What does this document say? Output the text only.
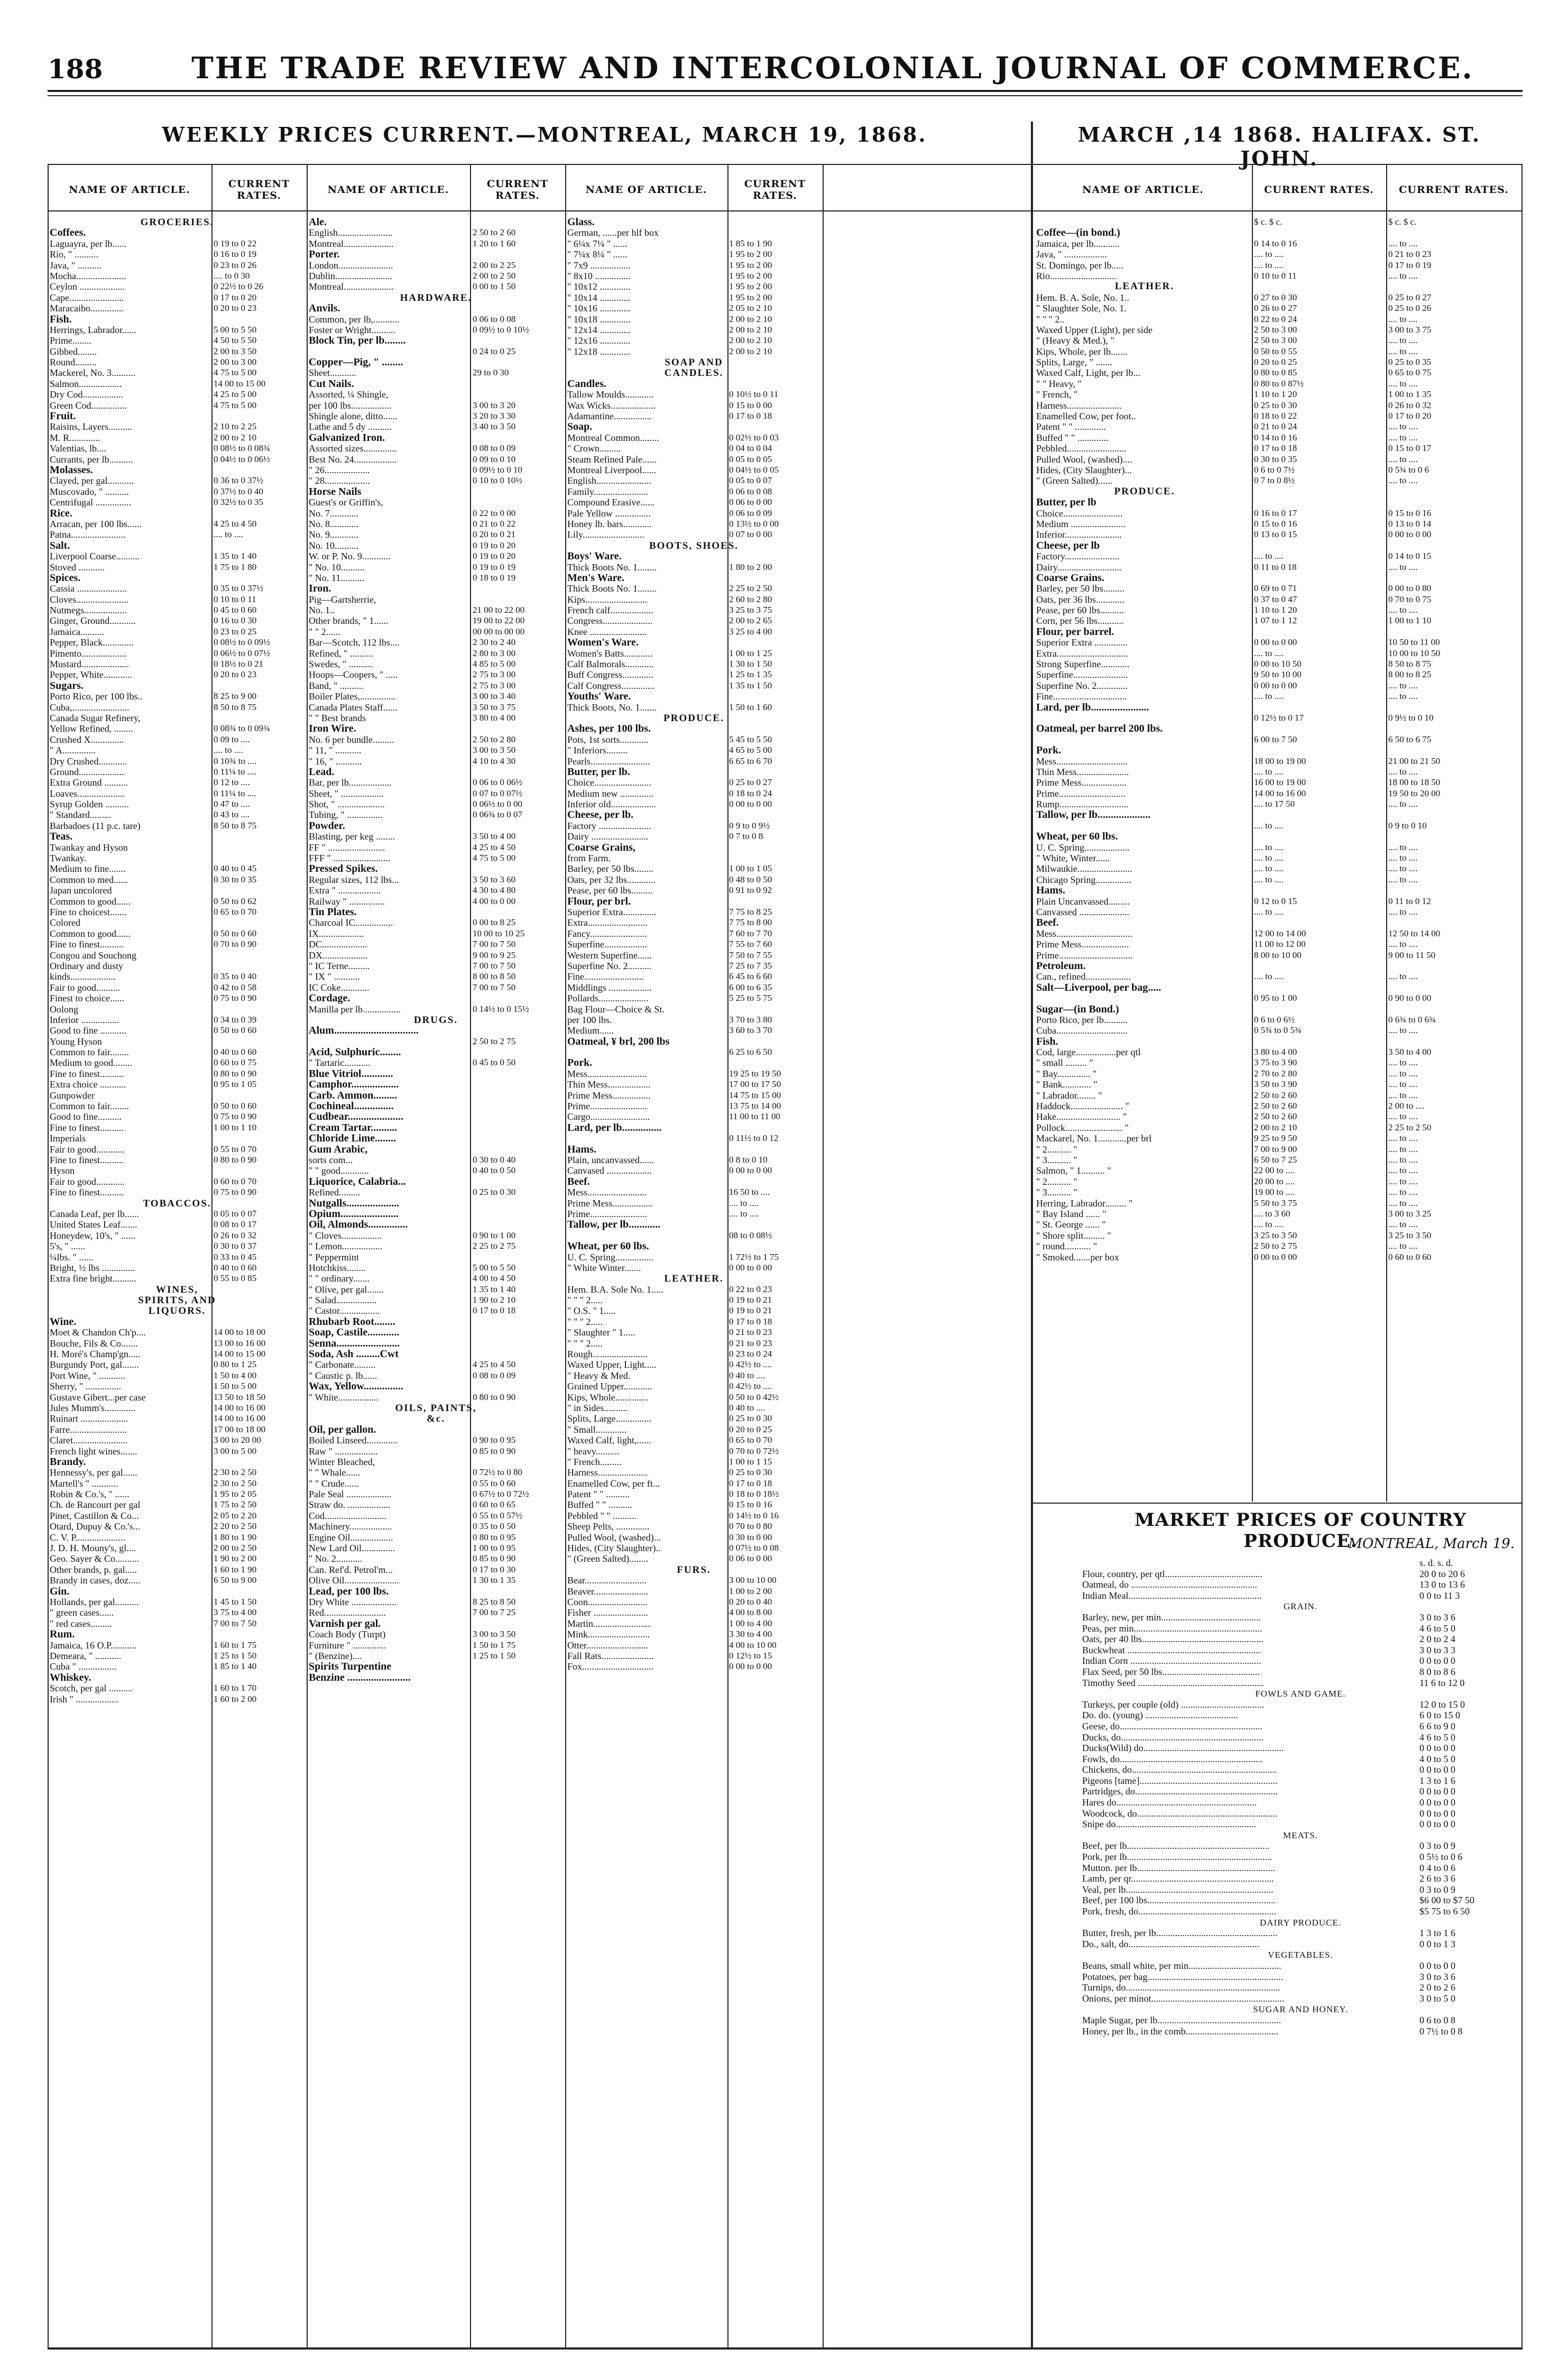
188	THE TRADE REVIEW AND INTERCOLONIAL JOURNAL OF COMMERCE.
WEEKLY PRICES CURRENT.—MONTREAL, MARCH 19, 1868.	MARCH ,14 1868. HALIFAX. ST. JOHN.
NAME OF ARTICLE.	CURRENT RATES.	NAME OF ARTICLE.	CURRENT RATES.	NAME OF ARTICLE.	CURRENT RATES.	NAME OF ARTICLE.	CURRENT RATES.	CURRENT RATES.
GROCERIES.
Coffees.
Laguayra, per lb......	0 19 to 0 22
Rio, " ..........	0 16 to 0 19
Java, " ..........	0 23 to 0 26
Mocha.....................	.... to 0 30
Ceylon ...................	0 22½ to 0 26
Cape.......................	0 17 to 0 20
Maracaibo..............	0 20 to 0 23
Fish.
Herrings, Labrador......	5 00 to 5 50
Prime........	4 50 to 5 50
Gibbed........	2 00 to 3 50
Round.........	2 00 to 3 00
Mackerel, No. 3..........	4 75 to 5 00
Salmon..................	14 00 to 15 00
Dry Cod.................	4 25 to 5 00
Green Cod...............	4 75 to 5 00
Fruit.
Raisins, Layers..........	2 10 to 2 25
M. R.............	2 00 to 2 10
Valentias, lb....	0 08½ to 0 08¾
Currants, per lb..........	0 04½ to 0 06½
Molasses.
Clayed, per gal...........	0 36 to 0 37½
Muscovado, " ..........	0 37½ to 0 40
Centrifugal ...............	0 32½ to 0 35
Rice.
Arracan, per 100 lbs......	4 25 to 4 50
Patna.......................	.... to ....
Salt.
Liverpool Coarse..........	1 35 to 1 40
Stoved ...........	1 75 to 1 80
Spices.
Cassia .....................	0 35 to 0 37½
Cloves......................	0 10 to 0 11
Nutmegs..................	0 45 to 0 60
Ginger, Ground...........	0 16 to 0 30
Jamaica..........	0 23 to 0 25
Pepper, Black.............	0 08½ to 0 09½
Pimento...................	0 06½ to 0 07½
Mustard....................	0 18½ to 0 21
Pepper, White............	0 20 to 0 23
Sugars.
Porto Rico, per 100 lbs..	8 25 to 9 00
Cuba,........................	8 50 to 8 75
Canada Sugar Refinery,
Yellow Refined, ........	0 08¾ to 0 09¾
Crushed X..............	0 09 to ....
" A..............	.... to ....
Dry Crushed............	0 10¾ to ....
Ground...................	0 11¼ to ....
Extra Ground ..........	0 12 to ....
Loaves....................	0 11¼ to ....
Syrup Golden ..........	0 47 to ....
" Standard.........	0 43 to ....
Barbadoes (11 p.c. tare)	8 50 to 8 75
Teas.
Twankay and Hyson
Twankay.
Medium to fine.......	0 40 to 0 45
Common to med......	0 30 to 0 35
Japan uncolored
Common to good......	0 50 to 0 62
Fine to choicest.......	0 65 to 0 70
Colored
Common to good......	0 50 to 0 60
Fine to finest..........	0 70 to 0 90
Congou and Souchong
Ordinary and dusty
kinds...................	0 35 to 0 40
Fair to good..........	0 42 to 0 58
Finest to choice......	0 75 to 0 90
Oolong
Inferior ................	0 34 to 0 39
Good to fine ...........	0 50 to 0 60
Young Hyson
Common to fair........	0 40 to 0 60
Medium to good........	0 60 to 0 75
Fine to finest..........	0 80 to 0 90
Extra choice ...........	0 95 to 1 05
Gunpowder
Common to fair........	0 50 to 0 60
Good to fine..........	0 75 to 0 90
Fine to finest..........	1 00 to 1 10
Imperials
Fair to good............	0 55 to 0 70
Fine to finest..........	0 80 to 0 90
Hyson
Fair to good............	0 60 to 0 70
Fine to finest..........	0 75 to 0 90
TOBACCOS.
Canada Leaf, per lb......	0 05 to 0 07
United States Leaf.......	0 08 to 0 17
Honeydew, 10's, " ......	0 26 to 0 32
5's, " ......	0 30 to 0 37
¼lbs. " ......	0 33 to 0 45
Bright, ½ lbs ..............	0 40 to 0 60
Extra fine bright..........	0 55 to 0 85
WINES,
SPIRITS, AND
LIQUORS.
Wine.
Moet & Chandon Ch'p....	14 00 to 18 00
Bouche, Fils & Co.......	13 00 to 16 00
H. Moré's Champ'gn.....	14 00 to 15 00
Burgundy Port, gal.......	0 80 to 1 25
Port Wine, " ...........	1 50 to 4 00
Sherry, " ...............	1 50 to 5 00
Gustave Gibert...per case	13 50 to 18 50
Jules Mumm's.............	14 00 to 16 00
Ruinart ....................	14 00 to 16 00
Farre........................	17 00 to 18 00
Claret.......................	3 00 to 20 00
French light wines.......	3 00 to 5 00
Brandy.
Hennessy's, per gal......	2 30 to 2 50
Martell's " ...........	2 30 to 2 50
Robin & Co.'s, " ......	1 95 to 2 05
Ch. de Rancourt per gal	1 75 to 2 50
Pinet, Castillon & Co...	2 05 to 2 20
Otard, Dupuy & Co.'s...	2 20 to 2 50
C. V. P.....................	1 80 to 1 90
J. D. H. Mouny's, gl....	2 00 to 2 50
Geo. Sayer & Co..........	1 90 to 2 00
Other brands, p. gal.....	1 60 to 1 90
Brandy in cases, doz.....	6 50 to 9 00
Gin.
Hollands, per gal..........	1 45 to 1 50
" green cases......	3 75 to 4 00
" red cases.........	7 00 to 7 50
Rum.
Jamaica, 16 O.P...........	1 60 to 1 75
Demeara, " ...........	1 25 to 1 50
Cuba " ................	1 85 to 1 40
Whiskey.
Scotch, per gal ..........	1 60 to 1 70
Irish " ..................	1 60 to 2 00
Ale.
English.......................	2 50 to 2 60
Montreal.....................	1 20 to 1 60
Porter.
London.......................	2 00 to 2 25
Dublin........................	2 00 to 2 50
Montreal.....................	0 00 to 1 50
HARDWARE.
Anvils.
Common, per lb,...........	0 06 to 0 08
Foster or Wright..........	0 09½ to 0 10½
Block Tin, per lb........
0 24 to 0 25
Copper—Pig, " ........
Sheet...........	29 to 0 30
Cut Nails.
Assorted, ¼ Shingle,
per 100 lbs.................	3 00 to 3 20
Shingle alone, ditto......	3 20 to 3 30
Lathe and 5 dy ..........	3 40 to 3 50
Galvanized Iron.
Assorted sizes..............	0 08 to 0 09
Best No. 24..................	0 09 to 0 10
" 26...................	0 09½ to 0 10
" 28...................	0 10 to 0 10½
Horse Nails
Guest's or Griffin's,
No. 7............	0 22 to 0 00
No. 8............	0 21 to 0 22
No. 9............	0 20 to 0 21
No. 10..........	0 19 to 0 20
W. or P. No. 9............	0 19 to 0 20
" No. 10..........	0 19 to 0 19
" No. 11..........	0 18 to 0 19
Iron.
Pig—Gartsherrie,
No. 1..	21 00 to 22 00
Other brands, " 1......	19 00 to 22 00
" " 2......	00 00 to 00 00
Bar—Scotch, 112 lbs....	2 30 to 2 40
Refined, " ..........	2 80 to 3 00
Swedes, " ..........	4 85 to 5 00
Hoops—Coopers, " .....	2 75 to 3 00
Band, " ..........	2 75 to 3 00
Boiler Plates,...............	3 00 to 3 40
Canada Plates Staff......	3 50 to 3 75
" " Best brands	3 80 to 4 00
Iron Wire.
No. 6 per bundle.........	2 50 to 2 80
" 11, " ...........	3 00 to 3 50
" 16, " ...........	4 10 to 4 30
Lead.
Bar, per lb..................	0 06 to 0 06½
Sheet, " ..................	0 07 to 0 07½
Shot, " ....................	0 06½ to 0 00
Tubing, " ...............	0 06¾ to 0 07
Powder.
Blasting, per keg ........	3 50 to 4 00
FF " ........................	4 25 to 4 50
FFF " ........................	4 75 to 5 00
Pressed Spikes.
Regular sizes, 112 lbs...	3 50 to 3 60
Extra " ..................	4 30 to 4 80
Railway " ...............	4 00 to 0 00
Tin Plates.
Charcoal IC................	0 00 to 8 25
IX...................	10 00 to 10 25
DC...................	7 00 to 7 50
DX...................	9 00 to 9 25
" IC Terne.........	7 00 to 7 50
" IX " ...........	8 00 to 8 50
IC Coke............	7 00 to 7 50
Cordage.
Manilla per lb................	0 14½ to 0 15½
DRUGS.
Alum................................
2 50 to 2 75
Acid, Sulphuric........
" Tartaric...........	0 45 to 0 50
Blue Vitriol............
Camphor..................
Carb. Ammon.........
Cochineal...............
Cudbear.....................
Cream Tartar..........
Chloride Lime........
Gum Arabic,
sorts com...	0 30 to 0 40
" " good............	0 40 to 0 50
Liquorice, Calabria...
Refined.........	0 25 to 0 30
Nutgalls....................
Opium......................
Oil, Almonds...............
" Cloves.................	0 90 to 1 00
" Lemon.................	2 25 to 2 75
" Peppermint
Hotchkiss........	5 00 to 5 50
" " ordinary.......	4 00 to 4 50
" Olive, per gal.......	1 35 to 1 40
" Salad.................	1 90 to 2 10
" Castor.................	0 17 to 0 18
Rhubarb Root........
Soap, Castile............
Senna........................
Soda, Ash .........Cwt
" Carbonate.........	4 25 to 4 50
" Caustic p. lb......	0 08 to 0 09
Wax, Yellow...............
" White.................	0 80 to 0 90
OILS, PAINTS,
&c.
Oil, per gallon.
Boiled Linseed.............	0 90 to 0 95
Raw " ..................	0 85 to 0 90
Winter Bleached,
" " Whale......	0 72½ to 0 80
" " Crude......	0 55 to 0 60
Pale Seal ...................	0 67½ to 0 72½
Straw do. ..................	0 60 to 0 65
Cod..........................	0 55 to 0 57½
Machinery..................	0 35 to 0 50
Engine Oil..................	0 80 to 0 95
New Lard Oil..............	1 00 to 0 95
" No. 2...........	0 85 to 0 90
Can. Ref'd. Petrol'm...	0 17 to 0 30
Olive Oil.......................	1 30 to 1 35
Lead, per 100 lbs.
Dry White ...................	8 25 to 8 50
Red..........................	7 00 to 7 25
Varnish per gal.
Coach Body (Turpt)	3 00 to 3 50
Furniture " ..............	1 50 to 1 75
" (Benzine)....	1 25 to 1 50
Spirits Turpentine
Benzine ........................
Glass.
German, ......per hlf box
" 6¼x 7¼ " ......	1 85 to 1 90
" 7¼x 8¼ " ......	1 95 to 2 00
" 7x9 .................	1 95 to 2 00
" 8x10 ...............	1 95 to 2 00
" 10x12 .............	1 95 to 2 00
" 10x14 .............	1 95 to 2 00
" 10x16 .............	2 05 to 2 10
" 10x18 .............	2 00 to 2 10
" 12x14 .............	2 00 to 2 10
" 12x16 .............	2 00 to 2 10
" 12x18 .............	2 00 to 2 10
SOAP AND
CANDLES.
Candles.
Tallow Moulds............	0 10½ to 0 11
Wax Wicks...................	0 15 to 0 00
Adamantine................	0 17 to 0 18
Soap.
Montreal Common........	0 02½ to 0 03
" Crown.........	0 04 to 0 04
Steam Refined Pale......	0 05 to 0 05
Montreal Liverpool......	0 04½ to 0 05
English.......................	0 05 to 0 07
Family.......................	0 06 to 0 08
Compound Erasive......	0 06 to 0 00
Pale Yellow ...............	0 06 to 0 09
Honey lb. bars............	0 13½ to 0 00
Lily..........................	0 07 to 0 00
BOOTS, SHOES.
Boys' Ware.
Thick Boots No. 1........	1 80 to 2 00
Men's Ware.
Thick Boots No. 1........	2 25 to 2 50
Kips..........................	2 60 to 2 80
French calf..................	3 25 to 3 75
Congress.....................	2 00 to 2 65
Knee ........................	3 25 to 4 00
Women's Ware.
Women's Batts............	1 00 to 1 25
Calf Balmorals............	1 30 to 1 50
Buff Congress.............	1 25 to 1 35
Calf Congress..............	1 35 to 1 50
Youths' Ware.
Thick Boots, No. 1.......	1 50 to 1 60
PRODUCE.
Ashes, per 100 lbs.
Pots, 1st sorts............	5 45 to 5 50
" Inferiors.........	4 65 to 5 00
Pearls.........................	6 65 to 6 70
Butter, per lb.
Choice........................	0 25 to 0 27
Medium new ..............	0 18 to 0 24
Inferior old...................	0 00 to 0 00
Cheese, per lb.
Factory ......................	0 9 to 0 9½
Dairy ........................	0 7 to 0 8
Coarse Grains,
from Farm.
Barley, per 50 lbs........	1 00 to 1 05
Oats, per 32 lbs............	0 48 to 0 50
Pease, per 60 lbs.........	0 91 to 0 92
Flour, per brl.
Superior Extra..............	7 75 to 8 25
Extra.........................	7 75 to 8 00
Fancy........................	7 60 to 7 70
Superfine..................	7 55 to 7 60
Western Superfine......	7 50 to 7 55
Superfine No. 2..........	7 25 to 7 35
Fine.........................	6 45 to 6 60
Middlings ..................	6 00 to 6 35
Pollards.....................	5 25 to 5 75
Bag Flour—Choice & St.
per 100 lbs.	3 70 to 3 80
Medium......	3 60 to 3 70
Oatmeal, ¥ brl, 200 lbs
6 25 to 6 50
Pork.
Mess.........................	19 25 to 19 50
Thin Mess..................	17 00 to 17 50
Prime Mess................	14 75 to 15 00
Prime........................	13 75 to 14 00
Cargo.........................	11 00 to 11 00
Lard, per lb...............
0 11½ to 0 12
Hams.
Plain, uncanvassed......	0 8 to 0 10
Canvased ...................	0 00 to 0 00
Beef.
Mess.........................	16 50 to ....
Prime Mess.................	.... to ....
Prime........................	.... to ....
Tallow, per lb............
08 to 0 08½
Wheat, per 60 lbs.
U. C. Spring................	1 72½ to 1 75
" White Winter.......	0 00 to 0 00
LEATHER.
Hem. B.A. Sole No. 1.....	0 22 to 0 23
" " " 2.....	0 19 to 0 21
" O.S. " 1.....	0 19 to 0 21
" " " 2.....	0 17 to 0 18
" Slaughter " 1.....	0 21 to 0 23
" " " 2.....	0 21 to 0 23
Rough.......................	0 23 to 0 24
Waxed Upper, Light.....	0 42½ to ....
" Heavy & Med.	0 40 to ....
Grained Upper............	0 42½ to ....
Kips, Whole..............	0 50 to 0 42½
" in Sides..........	0 40 to ....
Splits, Large...............	0 25 to 0 30
" Small.............	0 20 to 0 25
Waxed Calf, light,......	0 65 to 0 70
" heavy..........	0 70 to 0 72½
" French.........	1 00 to 1 15
Harness.....................	0 25 to 0 30
Enamelled Cow, per ft...	0 17 to 0 18
Patent " " ..........	0 18 to 0 18½
Buffed " " ..........	0 15 to 0 16
Pebbled " " ..........	0 14½ to 0 16
Sheep Pelts, ..............	0 70 to 0 80
Pulled Wool, (washed)...	0 30 to 0 00
Hides, (City Slaughter)..	0 07½ to 0 08
" (Green Salted)........	0 06 to 0 00
FURS.
Bear..........................	3 00 to 10 00
Beaver.......................	1 00 to 2 00
Coon.........................	0 20 to 0 40
Fisher .......................	4 00 to 8 00
Martin........................	1 00 to 4 00
Mink..........................	3 30 to 4 00
Otter..........................	4 00 to 10 00
Fall Rats......................	0 12½ to 15
Fox..............................	0 00 to 0 00
$ c. $ c.	$ c. $ c.
Coffee—(in bond.)
Jamaica, per lb...........	0 14 to 0 16	.... to ....
Java, " ..................	.... to ....	0 21 to 0 23
St. Domingo, per lb.....	.... to ....	0 17 to 0 19
Rio............................	0 10 to 0 11	.... to ....
LEATHER.
Hem. B. A. Sole, No. 1..	0 27 to 0 30	0 25 to 0 27
" Slaughter Sole, No. 1.	0 26 to 0 27	0 25 to 0 26
" " " 2..	0 22 to 0 24	.... to ....
Waxed Upper (Light), per side	2 50 to 3 00	3 00 to 3 75
" (Heavy & Med.), "	2 50 to 3 00	.... to ....
Kips, Whole, per lb.......	0 50 to 0 55	.... to ....
Splits, Large, " .......	0 20 to 0 25	0 25 to 0 35
Waxed Calf, Light, per lb...	0 80 to 0 85	0 65 to 0 75
" " Heavy, "	0 80 to 0 87½	.... to ....
" French, "	1 10 to 1 20	1 00 to 1 35
Harness.......................	0 25 to 0 30	0 26 to 0 32
Enamelled Cow, per foot..	0 18 to 0 22	0 17 to 0 20
Patent " " .............	0 21 to 0 24	.... to ....
Buffed " " .............	0 14 to 0 16	.... to ....
Pebbled.........................	0 17 to 0 18	0 15 to 0 17
Pulled Wool, (washed)....	0 30 to 0 35	.... to ....
Hides, (City Slaughter)...	0 6 to 0 7½	0 5¾ to 0 6
" (Green Salted)......	0 7 to 0 8½	.... to ....
PRODUCE.
Butter, per lb
Choice.........................	0 16 to 0 17	0 15 to 0 16
Medium .......................	0 15 to 0 16	0 13 to 0 14
Inferior........................	0 13 to 0 15	0 00 to 0 00
Cheese, per lb
Factory.......................	.... to ....	0 14 to 0 15
Dairy...........................	0 11 to 0 18	.... to ....
Coarse Grains.
Barley, per 50 lbs.........	0 69 to 0 71	0 00 to 0 80
Oats, per 36 lbs............	0 37 to 0 47	0 70 to 0 75
Pease, per 60 lbs..........	1 10 to 1 20	.... to ....
Corn, per 56 lbs...........	1 07 to 1 12	1 00 to 1 10
Flour, per barrel.
Superior Extra ..............	0 00 to 0 00	10 50 to 11 00
Extra..............................	.... to ....	10 00 to 10 50
Strong Superfine............	0 00 to 10 50	8 50 to 8 75
Superfine.......................	9 50 to 10 00	8 00 to 8 25
Superfine No. 2.............	0 00 to 0 00	.... to ....
Fine...............................	.... to ....	.... to ....
Lard, per lb......................
0 12½ to 0 17	0 9½ to 0 10
Oatmeal, per barrel 200 lbs.
6 00 to 7 50	6 50 to 6 75
Pork.
Mess..............................	18 00 to 19 00	21 00 to 21 50
Thin Mess......................	.... to ....	.... to ....
Prime Mess...................	16 00 to 19 00	18 00 to 18 50
Prime............................	14 00 to 16 00	19 50 to 20 00
Rump.............................	.... to 17 50	.... to ....
Tallow, per lb....................
.... to ....	0 9 to 0 10
Wheat, per 60 lbs.
U. C. Spring...................	.... to ....	.... to ....
" White, Winter......	.... to ....	.... to ....
Milwaukie.......................	.... to ....	.... to ....
Chicago Spring...............	.... to ....	.... to ....
Hams.
Plain Uncanvassed.........	0 12 to 0 15	0 11 to 0 12
Canvassed .....................	.... to ....	.... to ....
Beef.
Mess................................	12 00 to 14 00	12 50 to 14 00
Prime Mess....................	11 00 to 12 00	.... to ....
Prime...............................	8 00 to 10 00	9 00 to 11 50
Petroleum.
Can., refined...................	.... to ....	.... to ....
Salt—Liverpool, per bag.....
0 95 to 1 00	0 90 to 0 00
Sugar—(in Bond.)
Porto Rico, per lb..........	0 6 to 0 6½	0 6¾ to 0 6¾
Cuba..............................	0 5¾ to 0 5¾	.... to ....
Fish.
Cod, large.................per qtl	3 80 to 4 00	3 50 to 4 00
" small ......... "	3 75 to 3 90	.... to ....
" Bay.............. "	2 70 to 2 80	.... to ....
" Bank............ "	3 50 to 3 90	.... to ....
" Labrador........ "	2 50 to 2 60	.... to ....
Haddock...................... "	2 50 to 2 60	2 00 to ....
Hake........................... "	2 50 to 2 60	.... to ....
Pollock........................ "	2 00 to 2 10	2 25 to 2 50
Mackarel, No. 1............per brl	9 25 to 9 50	.... to ....
" 2.......... "	7 00 to 9 00	.... to ....
" 3.......... "	6 50 to 7 25	.... to ....
Salmon, " 1.......... "	22 00 to ....	.... to ....
" 2.......... "	20 00 to ....	.... to ....
" 3.......... "	19 00 to ....	.... to ....
Herring, Labrador......... "	5 50 to 3 75	.... to ....
" Bay Island ...... "	.... to 3 60	3 00 to 3 25
" St. George ...... "	.... to ....	.... to ....
" Shore split......... "	3 25 to 3 50	3 25 to 3 50
" round........... "	2 50 to 2 75	.... to ....
" Smoked.......per box	0 00 to 0 00	0 60 to 0 60
MARKET PRICES OF COUNTRY PRODUCE.
MONTREAL, March 19.
s. d. s. d.
Flour, country, per qtl.........................................	20 0 to 20 6
Oatmeal, do .....................................................	13 0 to 13 6
Indian Meal........................................................	0 0 to 11 3
GRAIN.
Barley, new, per min..........................................	3 0 to 3 6
Peas, per min......................................................	4 6 to 5 0
Oats, per 40 lbs...................................................	2 0 to 2 4
Buckwheat ........................................................	3 0 to 3 3
Indian Corn .......................................................	0 0 to 0 0
Flax Seed, per 50 lbs.........................................	8 0 to 8 6
Timothy Seed .....................................................	11 6 to 12 0
FOWLS AND GAME.
Turkeys, per couple (old) ...................................	12 0 to 15 0
Do. do. (young) .......................................	6 0 to 15 0
Geese, do............................................................	6 6 to 9 0
Ducks, do............................................................	4 6 to 5 0
Ducks(Wild) do...........................................................	0 0 to 0 0
Fowls, do............................................................	4 0 to 5 0
Chickens, do.............................................................	0 0 to 0 0
Pigeons [tame]..........................................................	1 3 to 1 6
Partridges, do............................................................	0 0 to 0 0
Hares do...........................................................	0 0 to 0 0
Woodcock, do...........................................................	0 0 to 0 0
Snipe do...........................................................	0 0 to 0 0
MEATS.
Beef, per lb............................................................	0 3 to 0 9
Pork, per lb.............................................................	0 5½ to 0 6
Mutton. per lb..........................................................	0 4 to 0 6
Lamb, per qr............................................................	2 6 to 3 6
Veal, per lb..............................................................	0 3 to 0 9
Beef, per 100 lbs......................................................	$6 00 to $7 50
Pork, fresh, do..........................................................	$5 75 to 6 50
DAIRY PRODUCE.
Butter, fresh, per lb...................................................	1 3 to 1 6
Do., salt, do.......................................................	0 0 to 1 3
VEGETABLES.
Beans, small white, per min.......................................	0 0 to 0 0
Potatoes, per bag.........................................................	3 0 to 3 6
Turnips, do.................................................................	2 0 to 2 6
Onions, per minot........................................................	3 0 to 5 0
SUGAR AND HONEY.
Maple Sugar, per lb....................................................	0 6 to 0 8
Honey, per lb., in the comb.......................................	0 7½ to 0 8
